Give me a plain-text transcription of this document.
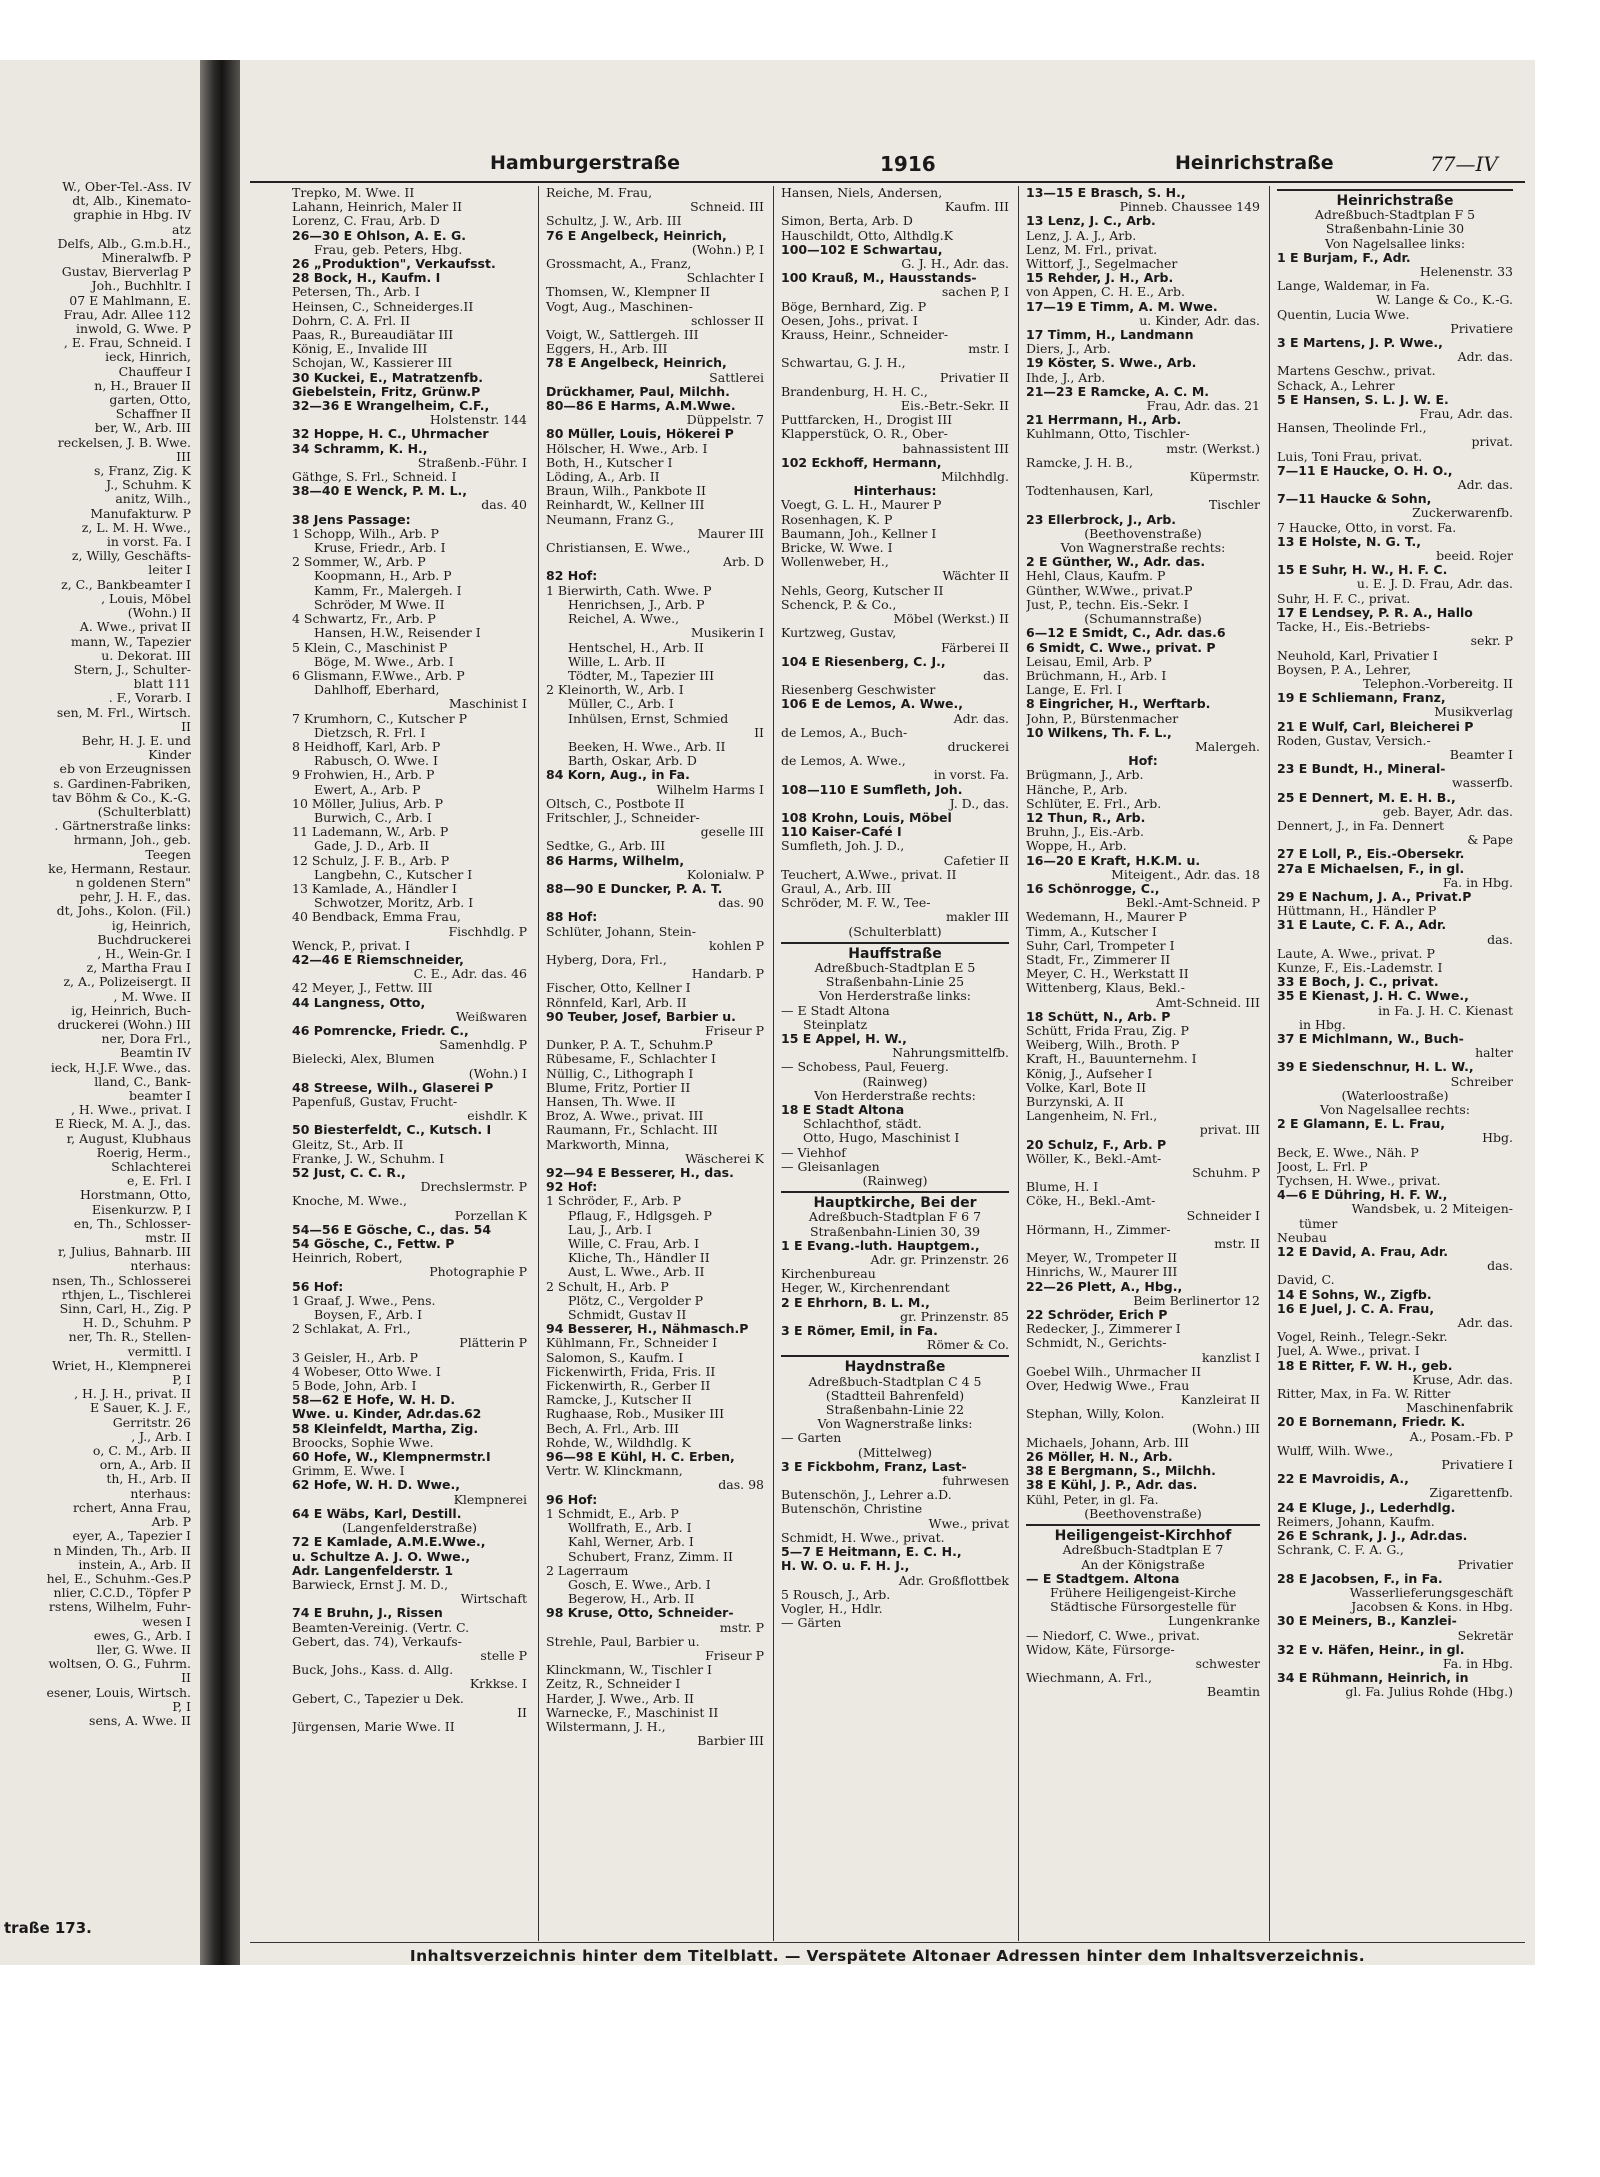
W., Ober-Tel.-Ass. IV
dt, Alb., Kinemato-
graphie in Hbg. IV
atz
Delfs, Alb., G.m.b.H.,
Mineralwfb. P
Gustav, Bierverlag P
Joh., Buchhltr. I
07 E Mahlmann, E.
Frau, Adr. Allee 112
inwold, G. Wwe. P
, E. Frau, Schneid. I
ieck, Hinrich,
Chauffeur I
n, H., Brauer II
garten, Otto,
Schaffner II
ber, W., Arb. III
reckelsen, J. B. Wwe.
III
s, Franz, Zig. K
J., Schuhm. K
anitz, Wilh.,
Manufakturw. P
z, L. M. H. Wwe.,
in vorst. Fa. I
z, Willy, Geschäfts-
leiter I
z, C., Bankbeamter I
, Louis, Möbel
(Wohn.) II
A. Wwe., privat II
mann, W., Tapezier
u. Dekorat. III
Stern, J., Schulter-
blatt 111
. F., Vorarb. I
sen, M. Frl., Wirtsch.
II
Behr, H. J. E. und
Kinder
eb von Erzeugnissen
s. Gardinen-Fabriken,
tav Böhm & Co., K.-G.
(Schulterblatt)
. Gärtnerstraße links:
hrmann, Joh., geb.
Teegen
ke, Hermann, Restaur.
n goldenen Stern"
pehr, J. H. F., das.
dt, Johs., Kolon. (Fil.)
ig, Heinrich,
Buchdruckerei
, H., Wein-Gr. I
z, Martha Frau I
z, A., Polizeisergt. II
, M. Wwe. II
ig, Heinrich, Buch-
druckerei (Wohn.) III
ner, Dora Frl.,
Beamtin IV
ieck, H.J.F. Wwe., das.
lland, C., Bank-
beamter I
, H. Wwe., privat. I
E Rieck, M. A. J., das.
r, August, Klubhaus
Roerig, Herm.,
Schlachterei
e, E. Frl. I
Horstmann, Otto,
Eisenkurzw. P, I
en, Th., Schlosser-
mstr. II
r, Julius, Bahnarb. III
nterhaus:
nsen, Th., Schlosserei
rthjen, L., Tischlerei
Sinn, Carl, H., Zig. P
H. D., Schuhm. P
ner, Th. R., Stellen-
vermittl. I
Wriet, H., Klempnerei
P, I
, H. J. H., privat. II
E Sauer, K. J. F.,
Gerritstr. 26
, J., Arb. I
o, C. M., Arb. II
orn, A., Arb. II
th, H., Arb. II
nterhaus:
rchert, Anna Frau,
Arb. P
eyer, A., Tapezier I
n Minden, Th., Arb. II
instein, A., Arb. II
hel, E., Schuhm.-Ges.P
nlier, C.C.D., Töpfer P
rstens, Wilhelm, Fuhr-
wesen I
ewes, G., Arb. I
ller, G. Wwe. II
woltsen, O. G., Fuhrm.
II
esener, Louis, Wirtsch.
P, I
sens, A. Wwe. II
traße 173.
Hamburgerstraße	1916	Heinrichstraße	77—IV
Trepko, M. Wwe. II
Lahann, Heinrich, Maler II
Lorenz, C. Frau, Arb. D
26—30 E Ohlson, A. E. G.
Frau, geb. Peters, Hbg.
26 „Produktion", Verkaufsst.
28 Bock, H., Kaufm. I
Petersen, Th., Arb. I
Heinsen, C., Schneiderges.II
Dohrn, C. A. Frl. II
Paas, R., Bureaudiätar III
König, E., Invalide III
Schojan, W., Kassierer III
30 Kuckei, E., Matratzenfb.
Giebelstein, Fritz, Grünw.P
32—36 E Wrangelheim, C.F.,
Holstenstr. 144
32 Hoppe, H. C., Uhrmacher
34 Schramm, K. H.,
Straßenb.-Führ. I
Gäthge, S. Frl., Schneid. I
38—40 E Wenck, P. M. L.,
das. 40
38 Jens Passage:
1 Schopp, Wilh., Arb. P
Kruse, Friedr., Arb. I
2 Sommer, W., Arb. P
Koopmann, H., Arb. P
Kamm, Fr., Malergeh. I
Schröder, M Wwe. II
4 Schwartz, Fr., Arb. P
Hansen, H.W., Reisender I
5 Klein, C., Maschinist P
Böge, M. Wwe., Arb. I
6 Glismann, F.Wwe., Arb. P
Dahlhoff, Eberhard,
Maschinist I
7 Krumhorn, C., Kutscher P
Dietzsch, R. Frl. I
8 Heidhoff, Karl, Arb. P
Rabusch, O. Wwe. I
9 Frohwien, H., Arb. P
Ewert, A., Arb. P
10 Möller, Julius, Arb. P
Burwich, C., Arb. I
11 Lademann, W., Arb. P
Gade, J. D., Arb. II
12 Schulz, J. F. B., Arb. P
Langbehn, C., Kutscher I
13 Kamlade, A., Händler I
Schwotzer, Moritz, Arb. I
40 Bendback, Emma Frau,
Fischhdlg. P
Wenck, P., privat. I
42—46 E Riemschneider,
C. E., Adr. das. 46
42 Meyer, J., Fettw. III
44 Langness, Otto,
Weißwaren
46 Pomrencke, Friedr. C.,
Samenhdlg. P
Bielecki, Alex, Blumen
(Wohn.) I
48 Streese, Wilh., Glaserei P
Papenfuß, Gustav, Frucht-
eishdlr. K
50 Biesterfeldt, C., Kutsch. I
Gleitz, St., Arb. II
Franke, J. W., Schuhm. I
52 Just, C. C. R.,
Drechslermstr. P
Knoche, M. Wwe.,
Porzellan K
54—56 E Gösche, C., das. 54
54 Gösche, C., Fettw. P
Heinrich, Robert,
Photographie P
56 Hof:
1 Graaf, J. Wwe., Pens.
Boysen, F., Arb. I
2 Schlakat, A. Frl.,
Plätterin P
3 Geisler, H., Arb. P
4 Wobeser, Otto Wwe. I
5 Bode, John, Arb. I
58—62 E Hofe, W. H. D.
Wwe. u. Kinder, Adr.das.62
58 Kleinfeldt, Martha, Zig.
Broocks, Sophie Wwe.
60 Hofe, W., Klempnermstr.I
Grimm, E. Wwe. I
62 Hofe, W. H. D. Wwe.,
Klempnerei
64 E Wäbs, Karl, Destill.
(Langenfelderstraße)
72 E Kamlade, A.M.E.Wwe.,
u. Schultze A. J. O. Wwe.,
Adr. Langenfelderstr. 1
Barwieck, Ernst J. M. D.,
Wirtschaft
74 E Bruhn, J., Rissen
Beamten-Vereinig. (Vertr. C.
Gebert, das. 74), Verkaufs-
stelle P
Buck, Johs., Kass. d. Allg.
Krkkse. I
Gebert, C., Tapezier u Dek.
II
Jürgensen, Marie Wwe. II
Reiche, M. Frau,
Schneid. III
Schultz, J. W., Arb. III
76 E Angelbeck, Heinrich,
(Wohn.) P, I
Grossmacht, A., Franz,
Schlachter I
Thomsen, W., Klempner II
Vogt, Aug., Maschinen-
schlosser II
Voigt, W., Sattlergeh. III
Eggers, H., Arb. III
78 E Angelbeck, Heinrich,
Sattlerei
Drückhamer, Paul, Milchh.
80—86 E Harms, A.M.Wwe.
Düppelstr. 7
80 Müller, Louis, Hökerei P
Hölscher, H. Wwe., Arb. I
Both, H., Kutscher I
Löding, A., Arb. II
Braun, Wilh., Pankbote II
Reinhardt, W., Kellner III
Neumann, Franz G.,
Maurer III
Christiansen, E. Wwe.,
Arb. D
82 Hof:
1 Bierwirth, Cath. Wwe. P
Henrichsen, J., Arb. P
Reichel, A. Wwe.,
Musikerin I
Hentschel, H., Arb. II
Wille, L. Arb. II
Tödter, M., Tapezier III
2 Kleinorth, W., Arb. I
Müller, C., Arb. I
Inhülsen, Ernst, Schmied
II
Beeken, H. Wwe., Arb. II
Barth, Oskar, Arb. D
84 Korn, Aug., in Fa.
Wilhelm Harms I
Oltsch, C., Postbote II
Fritschler, J., Schneider-
geselle III
Sedtke, G., Arb. III
86 Harms, Wilhelm,
Kolonialw. P
88—90 E Duncker, P. A. T.
das. 90
88 Hof:
Schlüter, Johann, Stein-
kohlen P
Hyberg, Dora, Frl.,
Handarb. P
Fischer, Otto, Kellner I
Rönnfeld, Karl, Arb. II
90 Teuber, Josef, Barbier u.
Friseur P
Dunker, P. A. T., Schuhm.P
Rübesame, F., Schlachter I
Nüllig, C., Lithograph I
Blume, Fritz, Portier II
Hansen, Th. Wwe. II
Broz, A. Wwe., privat. III
Raumann, Fr., Schlacht. III
Markworth, Minna,
Wäscherei K
92—94 E Besserer, H., das.
92 Hof:
1 Schröder, F., Arb. P
Pflaug, F., Hdlgsgeh. P
Lau, J., Arb. I
Wille, C. Frau, Arb. I
Kliche, Th., Händler II
Aust, L. Wwe., Arb. II
2 Schult, H., Arb. P
Plötz, C., Vergolder P
Schmidt, Gustav II
94 Besserer, H., Nähmasch.P
Kühlmann, Fr., Schneider I
Salomon, S., Kaufm. I
Fickenwirth, Frida, Fris. II
Fickenwirth, R., Gerber II
Ramcke, J., Kutscher II
Rughaase, Rob., Musiker III
Bech, A. Frl., Arb. III
Rohde, W., Wildhdlg. K
96—98 E Kühl, H. C. Erben,
Vertr. W. Klinckmann,
das. 98
96 Hof:
1 Schmidt, E., Arb. P
Wollfrath, E., Arb. I
Kahl, Werner, Arb. I
Schubert, Franz, Zimm. II
2 Lagerraum
Gosch, E. Wwe., Arb. I
Begerow, H., Arb. II
98 Kruse, Otto, Schneider-
mstr. P
Strehle, Paul, Barbier u.
Friseur P
Klinckmann, W., Tischler I
Zeitz, R., Schneider I
Harder, J. Wwe., Arb. II
Warnecke, F., Maschinist II
Wilstermann, J. H.,
Barbier III
Hansen, Niels, Andersen,
Kaufm. III
Simon, Berta, Arb. D
Hauschildt, Otto, Althdlg.K
100—102 E Schwartau,
G. J. H., Adr. das.
100 Krauß, M., Hausstands-
sachen P, I
Böge, Bernhard, Zig. P
Oesen, Johs., privat. I
Krauss, Heinr., Schneider-
mstr. I
Schwartau, G. J. H.,
Privatier II
Brandenburg, H. H. C.,
Eis.-Betr.-Sekr. II
Puttfarcken, H., Drogist III
Klapperstück, O. R., Ober-
bahnassistent III
102 Eckhoff, Hermann,
Milchhdlg.
Hinterhaus:
Voegt, G. L. H., Maurer P
Rosenhagen, K. P
Baumann, Joh., Kellner I
Bricke, W. Wwe. I
Wollenweber, H.,
Wächter II
Nehls, Georg, Kutscher II
Schenck, P. & Co.,
Möbel (Werkst.) II
Kurtzweg, Gustav,
Färberei II
104 E Riesenberg, C. J.,
das.
Riesenberg Geschwister
106 E de Lemos, A. Wwe.,
Adr. das.
de Lemos, A., Buch-
druckerei
de Lemos, A. Wwe.,
in vorst. Fa.
108—110 E Sumfleth, Joh.
J. D., das.
108 Krohn, Louis, Möbel
110 Kaiser-Café I
Sumfleth, Joh. J. D.,
Cafetier II
Teuchert, A.Wwe., privat. II
Graul, A., Arb. III
Schröder, M. F. W., Tee-
makler III
(Schulterblatt)
Hauffstraße
Adreßbuch-Stadtplan E 5
Straßenbahn-Linie 25
Von Herderstraße links:
— E Stadt Altona
Steinplatz
15 E Appel, H. W.,
Nahrungsmittelfb.
— Schobess, Paul, Feuerg.
(Rainweg)
Von Herderstraße rechts:
18 E Stadt Altona
Schlachthof, städt.
Otto, Hugo, Maschinist I
— Viehhof
— Gleisanlagen
(Rainweg)
Hauptkirche, Bei der
Adreßbuch-Stadtplan F 6 7
Straßenbahn-Linien 30, 39
1 E Evang.-luth. Hauptgem.,
Adr. gr. Prinzenstr. 26
Kirchenbureau
Heger, W., Kirchenrendant
2 E Ehrhorn, B. L. M.,
gr. Prinzenstr. 85
3 E Römer, Emil, in Fa.
Römer & Co.
Haydnstraße
Adreßbuch-Stadtplan C 4 5
(Stadtteil Bahrenfeld)
Straßenbahn-Linie 22
Von Wagnerstraße links:
— Garten
(Mittelweg)
3 E Fickbohm, Franz, Last-
fuhrwesen
Butenschön, J., Lehrer a.D.
Butenschön, Christine
Wwe., privat
Schmidt, H. Wwe., privat.
5—7 E Heitmann, E. C. H.,
H. W. O. u. F. H. J.,
Adr. Großflottbek
5 Rousch, J., Arb.
Vogler, H., Hdlr.
— Gärten
13—15 E Brasch, S. H.,
Pinneb. Chaussee 149
13 Lenz, J. C., Arb.
Lenz, J. A. J., Arb.
Lenz, M. Frl., privat.
Wittorf, J., Segelmacher
15 Rehder, J. H., Arb.
von Appen, C. H. E., Arb.
17—19 E Timm, A. M. Wwe.
u. Kinder, Adr. das.
17 Timm, H., Landmann
Diers, J., Arb.
19 Köster, S. Wwe., Arb.
Ihde, J., Arb.
21—23 E Ramcke, A. C. M.
Frau, Adr. das. 21
21 Herrmann, H., Arb.
Kuhlmann, Otto, Tischler-
mstr. (Werkst.)
Ramcke, J. H. B.,
Küpermstr.
Todtenhausen, Karl,
Tischler
23 Ellerbrock, J., Arb.
(Beethovenstraße)
Von Wagnerstraße rechts:
2 E Günther, W., Adr. das.
Hehl, Claus, Kaufm. P
Günther, W.Wwe., privat.P
Just, P., techn. Eis.-Sekr. I
(Schumannstraße)
6—12 E Smidt, C., Adr. das.6
6 Smidt, C. Wwe., privat. P
Leisau, Emil, Arb. P
Brüchmann, H., Arb. I
Lange, E. Frl. I
8 Eingricher, H., Werftarb.
John, P., Bürstenmacher
10 Wilkens, Th. F. L.,
Malergeh.
Hof:
Brügmann, J., Arb.
Hänche, P., Arb.
Schlüter, E. Frl., Arb.
12 Thun, R., Arb.
Bruhn, J., Eis.-Arb.
Woppe, H., Arb.
16—20 E Kraft, H.K.M. u.
Miteigent., Adr. das. 18
16 Schönrogge, C.,
Bekl.-Amt-Schneid. P
Wedemann, H., Maurer P
Timm, A., Kutscher I
Suhr, Carl, Trompeter I
Stadt, Fr., Zimmerer II
Meyer, C. H., Werkstatt II
Wittenberg, Klaus, Bekl.-
Amt-Schneid. III
18 Schütt, N., Arb. P
Schütt, Frida Frau, Zig. P
Weiberg, Wilh., Broth. P
Kraft, H., Bauunternehm. I
König, J., Aufseher I
Volke, Karl, Bote II
Burzynski, A. II
Langenheim, N. Frl.,
privat. III
20 Schulz, F., Arb. P
Wöller, K., Bekl.-Amt-
Schuhm. P
Blume, H. I
Cöke, H., Bekl.-Amt-
Schneider I
Hörmann, H., Zimmer-
mstr. II
Meyer, W., Trompeter II
Hinrichs, W., Maurer III
22—26 Plett, A., Hbg.,
Beim Berlinertor 12
22 Schröder, Erich P
Redecker, J., Zimmerer I
Schmidt, N., Gerichts-
kanzlist I
Goebel Wilh., Uhrmacher II
Over, Hedwig Wwe., Frau
Kanzleirat II
Stephan, Willy, Kolon.
(Wohn.) III
Michaels, Johann, Arb. III
26 Möller, H. N., Arb.
38 E Bergmann, S., Milchh.
38 E Kühl, J. P., Adr. das.
Kühl, Peter, in gl. Fa.
(Beethovenstraße)
Heiligengeist-Kirchhof
Adreßbuch-Stadtplan E 7
An der Königstraße
— E Stadtgem. Altona
Frühere Heiligengeist-Kirche
Städtische Fürsorgestelle für
Lungenkranke
— Niedorf, C. Wwe., privat.
Widow, Käte, Fürsorge-
schwester
Wiechmann, A. Frl.,
Beamtin
Heinrichstraße
Adreßbuch-Stadtplan F 5
Straßenbahn-Linie 30
Von Nagelsallee links:
1 E Burjam, F., Adr.
Helenenstr. 33
Lange, Waldemar, in Fa.
W. Lange & Co., K.-G.
Quentin, Lucia Wwe.
Privatiere
3 E Martens, J. P. Wwe.,
Adr. das.
Martens Geschw., privat.
Schack, A., Lehrer
5 E Hansen, S. L. J. W. E.
Frau, Adr. das.
Hansen, Theolinde Frl.,
privat.
Luis, Toni Frau, privat.
7—11 E Haucke, O. H. O.,
Adr. das.
7—11 Haucke & Sohn,
Zuckerwarenfb.
7 Haucke, Otto, in vorst. Fa.
13 E Holste, N. G. T.,
beeid. Rojer
15 E Suhr, H. W., H. F. C.
u. E. J. D. Frau, Adr. das.
Suhr, H. F. C., privat.
17 E Lendsey, P. R. A., Hallo
Tacke, H., Eis.-Betriebs-
sekr. P
Neuhold, Karl, Privatier I
Boysen, P. A., Lehrer,
Telephon.-Vorbereitg. II
19 E Schliemann, Franz,
Musikverlag
21 E Wulf, Carl, Bleicherei P
Roden, Gustav, Versich.-
Beamter I
23 E Bundt, H., Mineral-
wasserfb.
25 E Dennert, M. E. H. B.,
geb. Bayer, Adr. das.
Dennert, J., in Fa. Dennert
& Pape
27 E Loll, P., Eis.-Obersekr.
27a E Michaelsen, F., in gl.
Fa. in Hbg.
29 E Nachum, J. A., Privat.P
Hüttmann, H., Händler P
31 E Laute, C. F. A., Adr.
das.
Laute, A. Wwe., privat. P
Kunze, F., Eis.-Lademstr. I
33 E Boch, J. C., privat.
35 E Kienast, J. H. C. Wwe.,
in Fa. J. H. C. Kienast
in Hbg.
37 E Michlmann, W., Buch-
halter
39 E Siedenschnur, H. L. W.,
Schreiber
(Waterloostraße)
Von Nagelsallee rechts:
2 E Glamann, E. L. Frau,
Hbg.
Beck, E. Wwe., Näh. P
Joost, L. Frl. P
Tychsen, H. Wwe., privat.
4—6 E Dühring, H. F. W.,
Wandsbek, u. 2 Miteigen-
tümer
Neubau
12 E David, A. Frau, Adr.
das.
David, C.
14 E Sohns, W., Zigfb.
16 E Juel, J. C. A. Frau,
Adr. das.
Vogel, Reinh., Telegr.-Sekr.
Juel, A. Wwe., privat. I
18 E Ritter, F. W. H., geb.
Kruse, Adr. das.
Ritter, Max, in Fa. W. Ritter
Maschinenfabrik
20 E Bornemann, Friedr. K.
A., Posam.-Fb. P
Wulff, Wilh. Wwe.,
Privatiere I
22 E Mavroidis, A.,
Zigarettenfb.
24 E Kluge, J., Lederhdlg.
Reimers, Johann, Kaufm.
26 E Schrank, J. J., Adr.das.
Schrank, C. F. A. G.,
Privatier
28 E Jacobsen, F., in Fa.
Wasserlieferungsgeschäft
Jacobsen & Kons. in Hbg.
30 E Meiners, B., Kanzlei-
Sekretär
32 E v. Häfen, Heinr., in gl.
Fa. in Hbg.
34 E Rühmann, Heinrich, in
gl. Fa. Julius Rohde (Hbg.)
Inhaltsverzeichnis hinter dem Titelblatt. — Verspätete Altonaer Adressen hinter dem Inhaltsverzeichnis.
